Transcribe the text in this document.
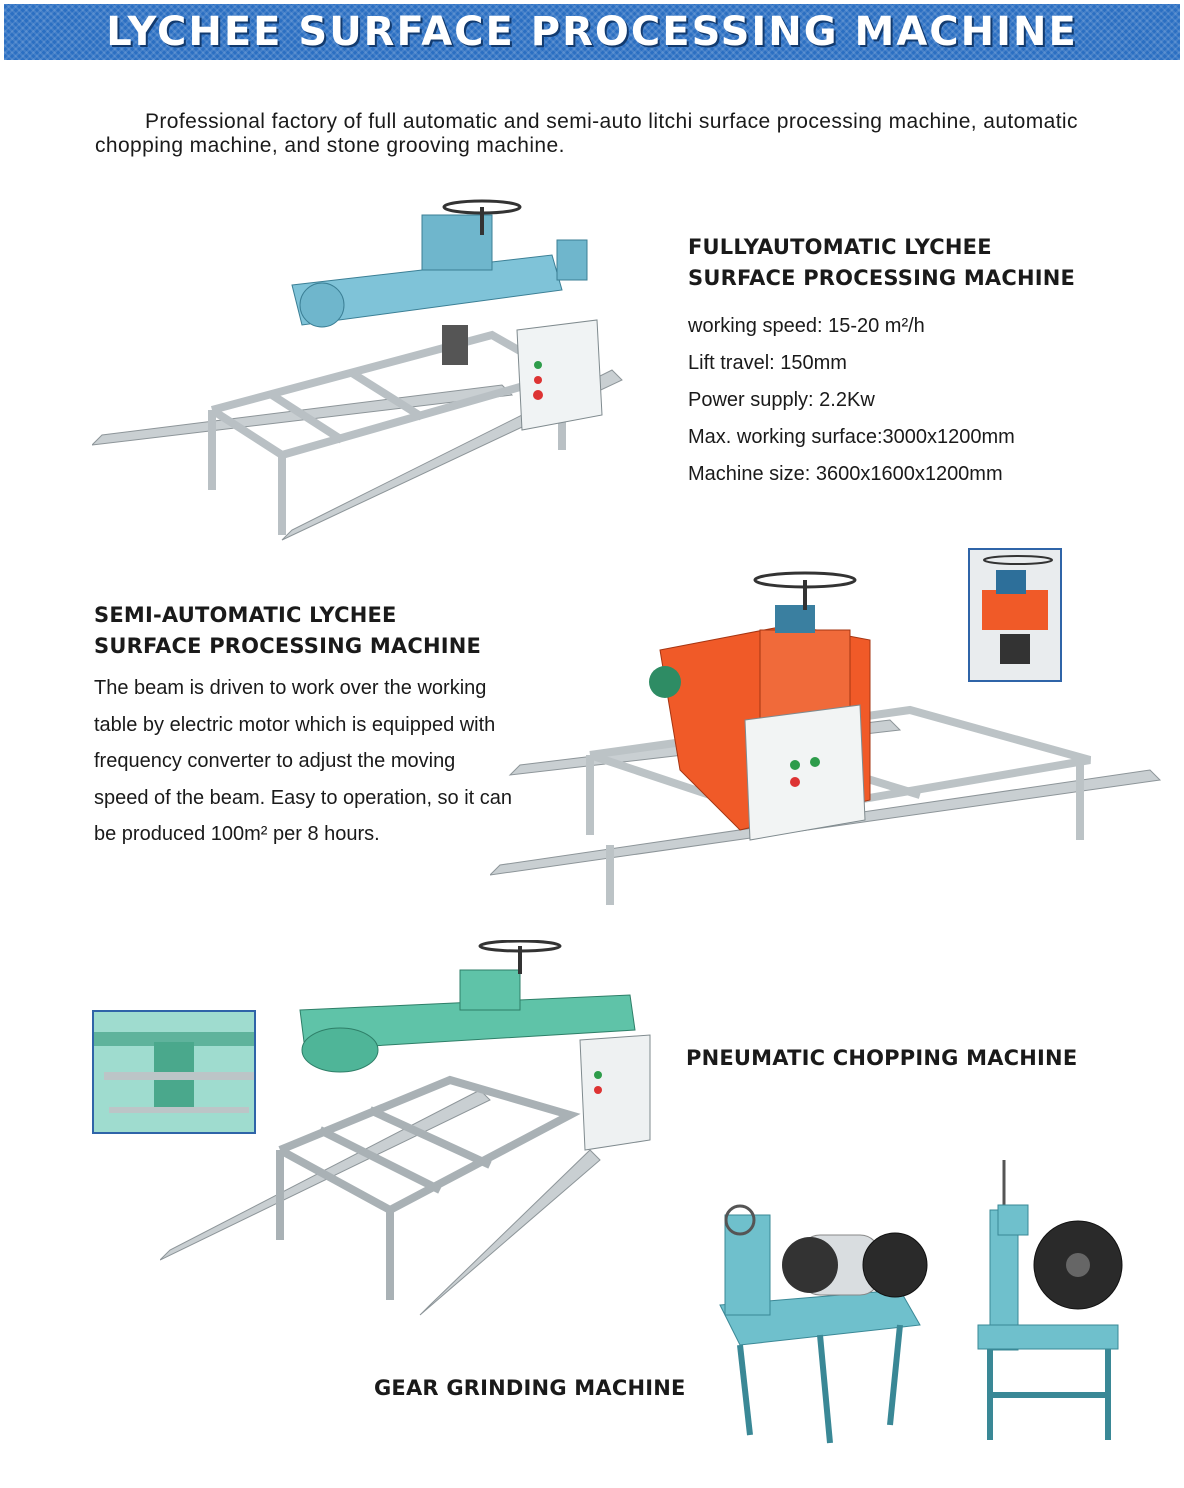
LYCHEE SURFACE PROCESSING MACHINE

Professional factory of full automatic and semi-auto litchi surface processing machine, automatic chopping machine, and stone grooving machine.

FULLYAUTOMATIC LYCHEE

SURFACE PROCESSING MACHINE

working speed: 15-20 m²/h
Lift travel: 150mm
Power supply: 2.2Kw
Max. working surface:3000x1200mm
Machine size: 3600x1600x1200mm

SEMI-AUTOMATIC LYCHEE

SURFACE PROCESSING MACHINE

The beam is driven to work over the working table by electric motor which is equipped with frequency converter to adjust the moving speed of the beam. Easy to operation, so it can be produced 100m² per 8 hours.

PNEUMATIC CHOPPING MACHINE

GEAR GRINDING MACHINE
